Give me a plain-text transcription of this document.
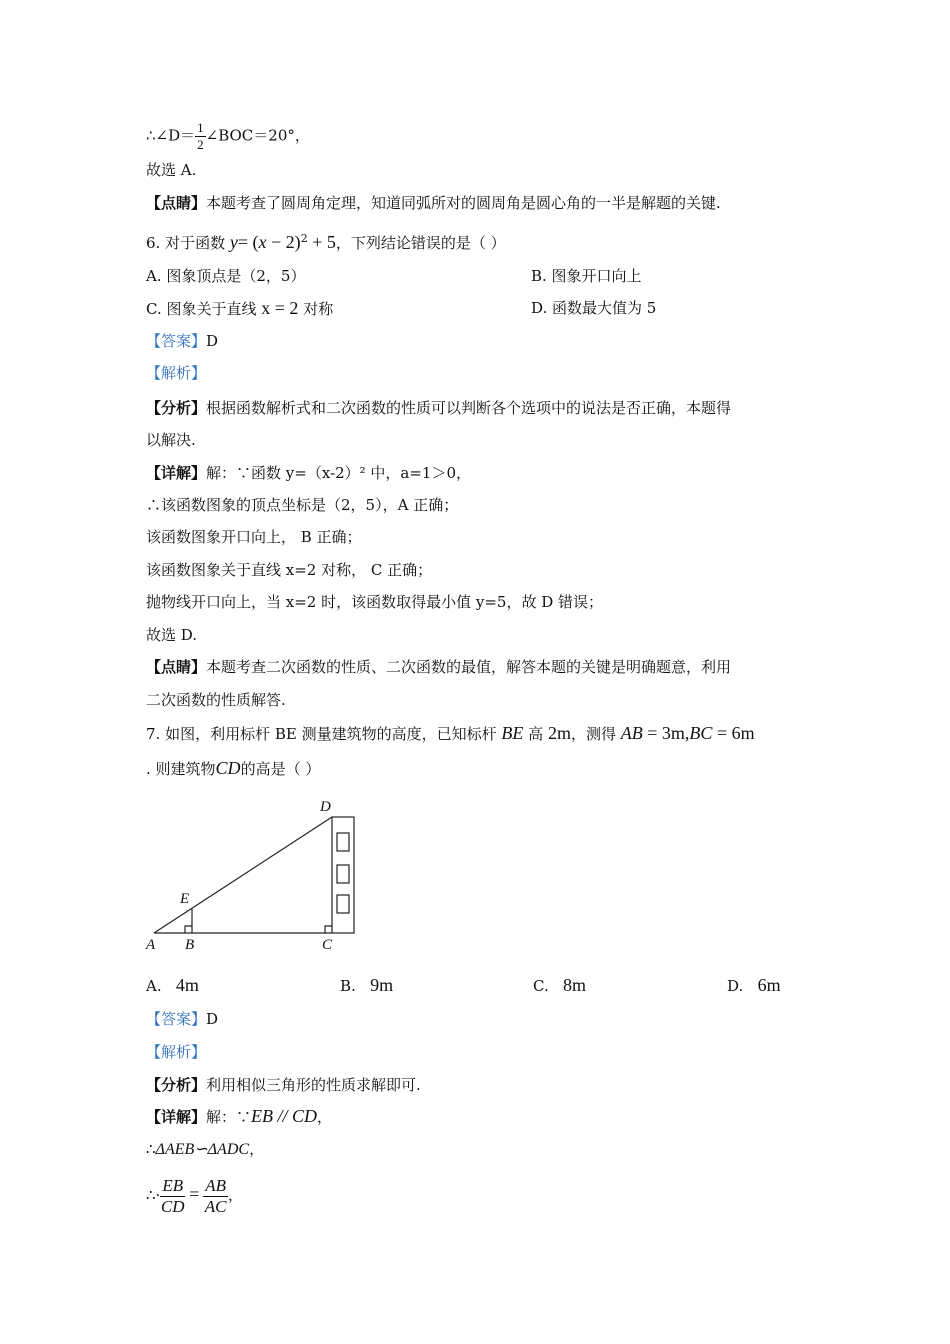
∴∠D＝ $\frac{1}{2}$ ∠BOC＝20°，
故选 A.
【点睛】本题考查了圆周角定理，知道同弧所对的圆周角是圆心角的一半是解题的关键.
6. 对于函数 $y= (x - 2)^2 + 5$，下列结论错误的是（ ）
A. 图象顶点是（2，5）	B. 图象开口向上
C. 图象关于直线 x = 2 对称	D. 函数最大值为 5
【答案】D
【解析】
【分析】根据函数解析式和二次函数的性质可以判断各个选项中的说法是否正确，本题得
以解决.
【详解】解：∵函数 y=（x-2）² 中，a=1＞0，
∴该函数图象的顶点坐标是（2，5），A 正确；
该函数图象开口向上， B 正确；
该函数图象关于直线 x=2 对称， C 正确；
抛物线开口向上，当 x=2 时，该函数取得最小值 y=5，故 D 错误；
故选 D.
【点睛】本题考查二次函数的性质、二次函数的最值，解答本题的关键是明确题意，利用
二次函数的性质解答.
7. 如图，利用标杆 BE 测量建筑物的高度，已知标杆 BE 高 2m，测得 AB = 3m,BC = 6m
. 则建筑物CD的高是（ ）
A B	C
D
E
A. 4m	B. 9m	C. 8m	D. 6m
【答案】D
【解析】
【分析】利用相似三角形的性质求解即可.
【详解】解：∵EB // CD，
∴ΔAEB∽ΔADC，
∴· $\frac{EB}{CD} = \frac{AB}{AC}$ ，
